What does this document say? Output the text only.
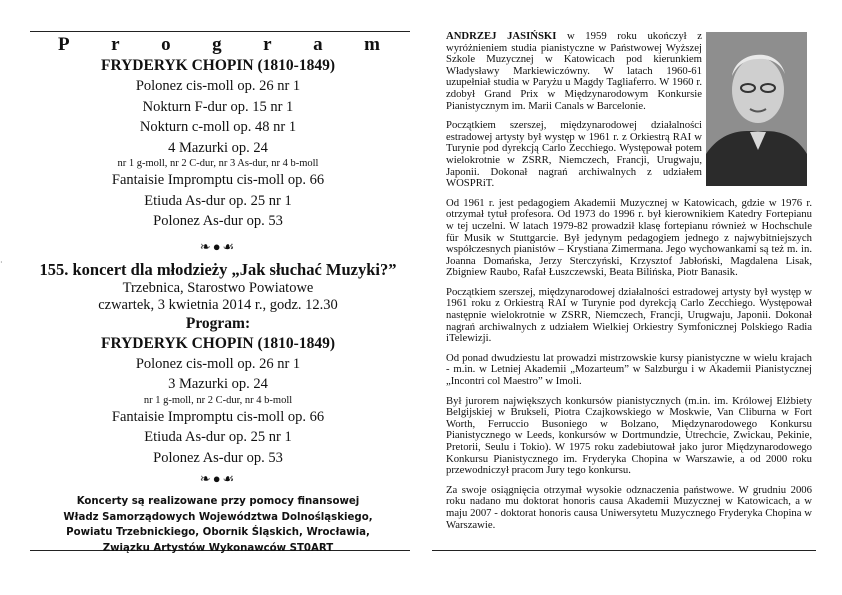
·
P r o g r a m
FRYDERYK CHOPIN (1810-1849)
Polonez cis-moll op. 26 nr 1
Nokturn F-dur op. 15 nr 1
Nokturn c-moll op. 48 nr 1
4 Mazurki op. 24
nr 1 g-moll, nr 2 C-dur, nr 3 As-dur, nr 4 b-moll
Fantaisie Impromptu cis-moll op. 66
Etiuda As-dur op. 25 nr 1
Polonez As-dur op. 53
❧●☙
155. koncert dla młodzieży „Jak słuchać Muzyki?”
Trzebnica, Starostwo Powiatowe
czwartek, 3 kwietnia 2014 r., godz. 12.30
Program:
FRYDERYK CHOPIN (1810-1849)
Polonez cis-moll op. 26 nr 1
3 Mazurki op. 24
nr 1 g-moll, nr 2 C-dur, nr 4 b-moll
Fantaisie Impromptu cis-moll op. 66
Etiuda As-dur op. 25 nr 1
Polonez As-dur op. 53
❧●☙
Koncerty są realizowane przy pomocy finansowej
Władz Samorządowych Województwa Dolnośląskiego,
Powiatu Trzebnickiego, Obornik Śląskich, Wrocławia,
Związku Artystów Wykonawców ST0ART

ANDRZEJ JASIŃSKI w 1959 roku ukończył z wyróżnieniem studia pianistyczne w Państwowej Wyższej Szkole Muzycznej w Katowicach pod kierunkiem Władysławy Markiewiczówny. W latach 1960-61 uzupełniał studia w Paryżu u Magdy Tagliaferro. W 1960 r. zdobył Grand Prix w Międzynarodowym Konkursie Pianistycznym im. Marii Canals w Barcelonie.

Początkiem szerszej, międzynarodowej działalności estradowej artysty był występ w 1961 r. z Orkiestrą RAI w Turynie pod dyrekcją Carlo Zecchiego. Występował potem wielokrotnie w ZSRR, Niemczech, Francji, Urugwaju, Japonii. Dokonał nagrań archiwalnych z udziałem WOSPRiT.

Od 1961 r. jest pedagogiem Akademii Muzycznej w Katowicach, gdzie w 1976 r. otrzymał tytuł profesora. Od 1973 do 1996 r. był kierownikiem Katedry Fortepianu w tej uczelni. W latach 1979-82 prowadził klasę fortepianu również w Hochschule für Musik w Stuttgarcie. Był jedynym pedagogiem jednego z najwybitniejszych współczesnych pianistów – Krystiana Zimermana. Jego wychowankami są też m. in. Joanna Domańska, Jerzy Sterczyński, Krzysztof Jabłoński, Magdalena Lisak, Zbigniew Raubo, Rafał Łuszczewski, Beata Bilińska, Piotr Banasik.

Początkiem szerszej, międzynarodowej działalności estradowej artysty był występ w 1961 roku z Orkiestrą RAI w Turynie pod dyrekcją Carlo Zecchiego. Występował następnie wielokrotnie w ZSRR, Niemczech, Francji, Urugwaju, Japonii. Dokonał nagrań archiwalnych z udziałem Wielkiej Orkiestry Symfonicznej Polskiego Radia iTelewizji.

Od ponad dwudziestu lat prowadzi mistrzowskie kursy pianistyczne w wielu krajach - m.in. w Letniej Akademii „Mozarteum” w Salzburgu i w Akademii Pianistycznej „Incontri col Maestro” w Imoli.

Był jurorem największych konkursów pianistycznych (m.in. im. Królowej Elżbiety Belgijskiej w Brukseli, Piotra Czajkowskiego w Moskwie, Van Cliburna w Fort Worth, Ferruccio Busoniego w Bolzano, Międzynarodowego Konkursu Pianistycznego w Leeds, konkursów w Dortmundzie, Utrechcie, Zwickau, Pekinie, Pretorii, Seulu i Tokio). W 1975 roku zadebiutował jako juror Międzynarodowego Konkursu Pianistycznego im. Fryderyka Chopina w Warszawie, a od 2000 roku przewodniczył pracom Jury tego konkursu.

Za swoje osiągnięcia otrzymał wysokie odznaczenia państwowe. W grudniu 2006 roku nadano mu doktorat honoris causa Akademii Muzycznej w Katowicach, a w maju 2007 - doktorat honoris causa Uniwersytetu Muzycznego Fryderyka Chopina w Warszawie.
